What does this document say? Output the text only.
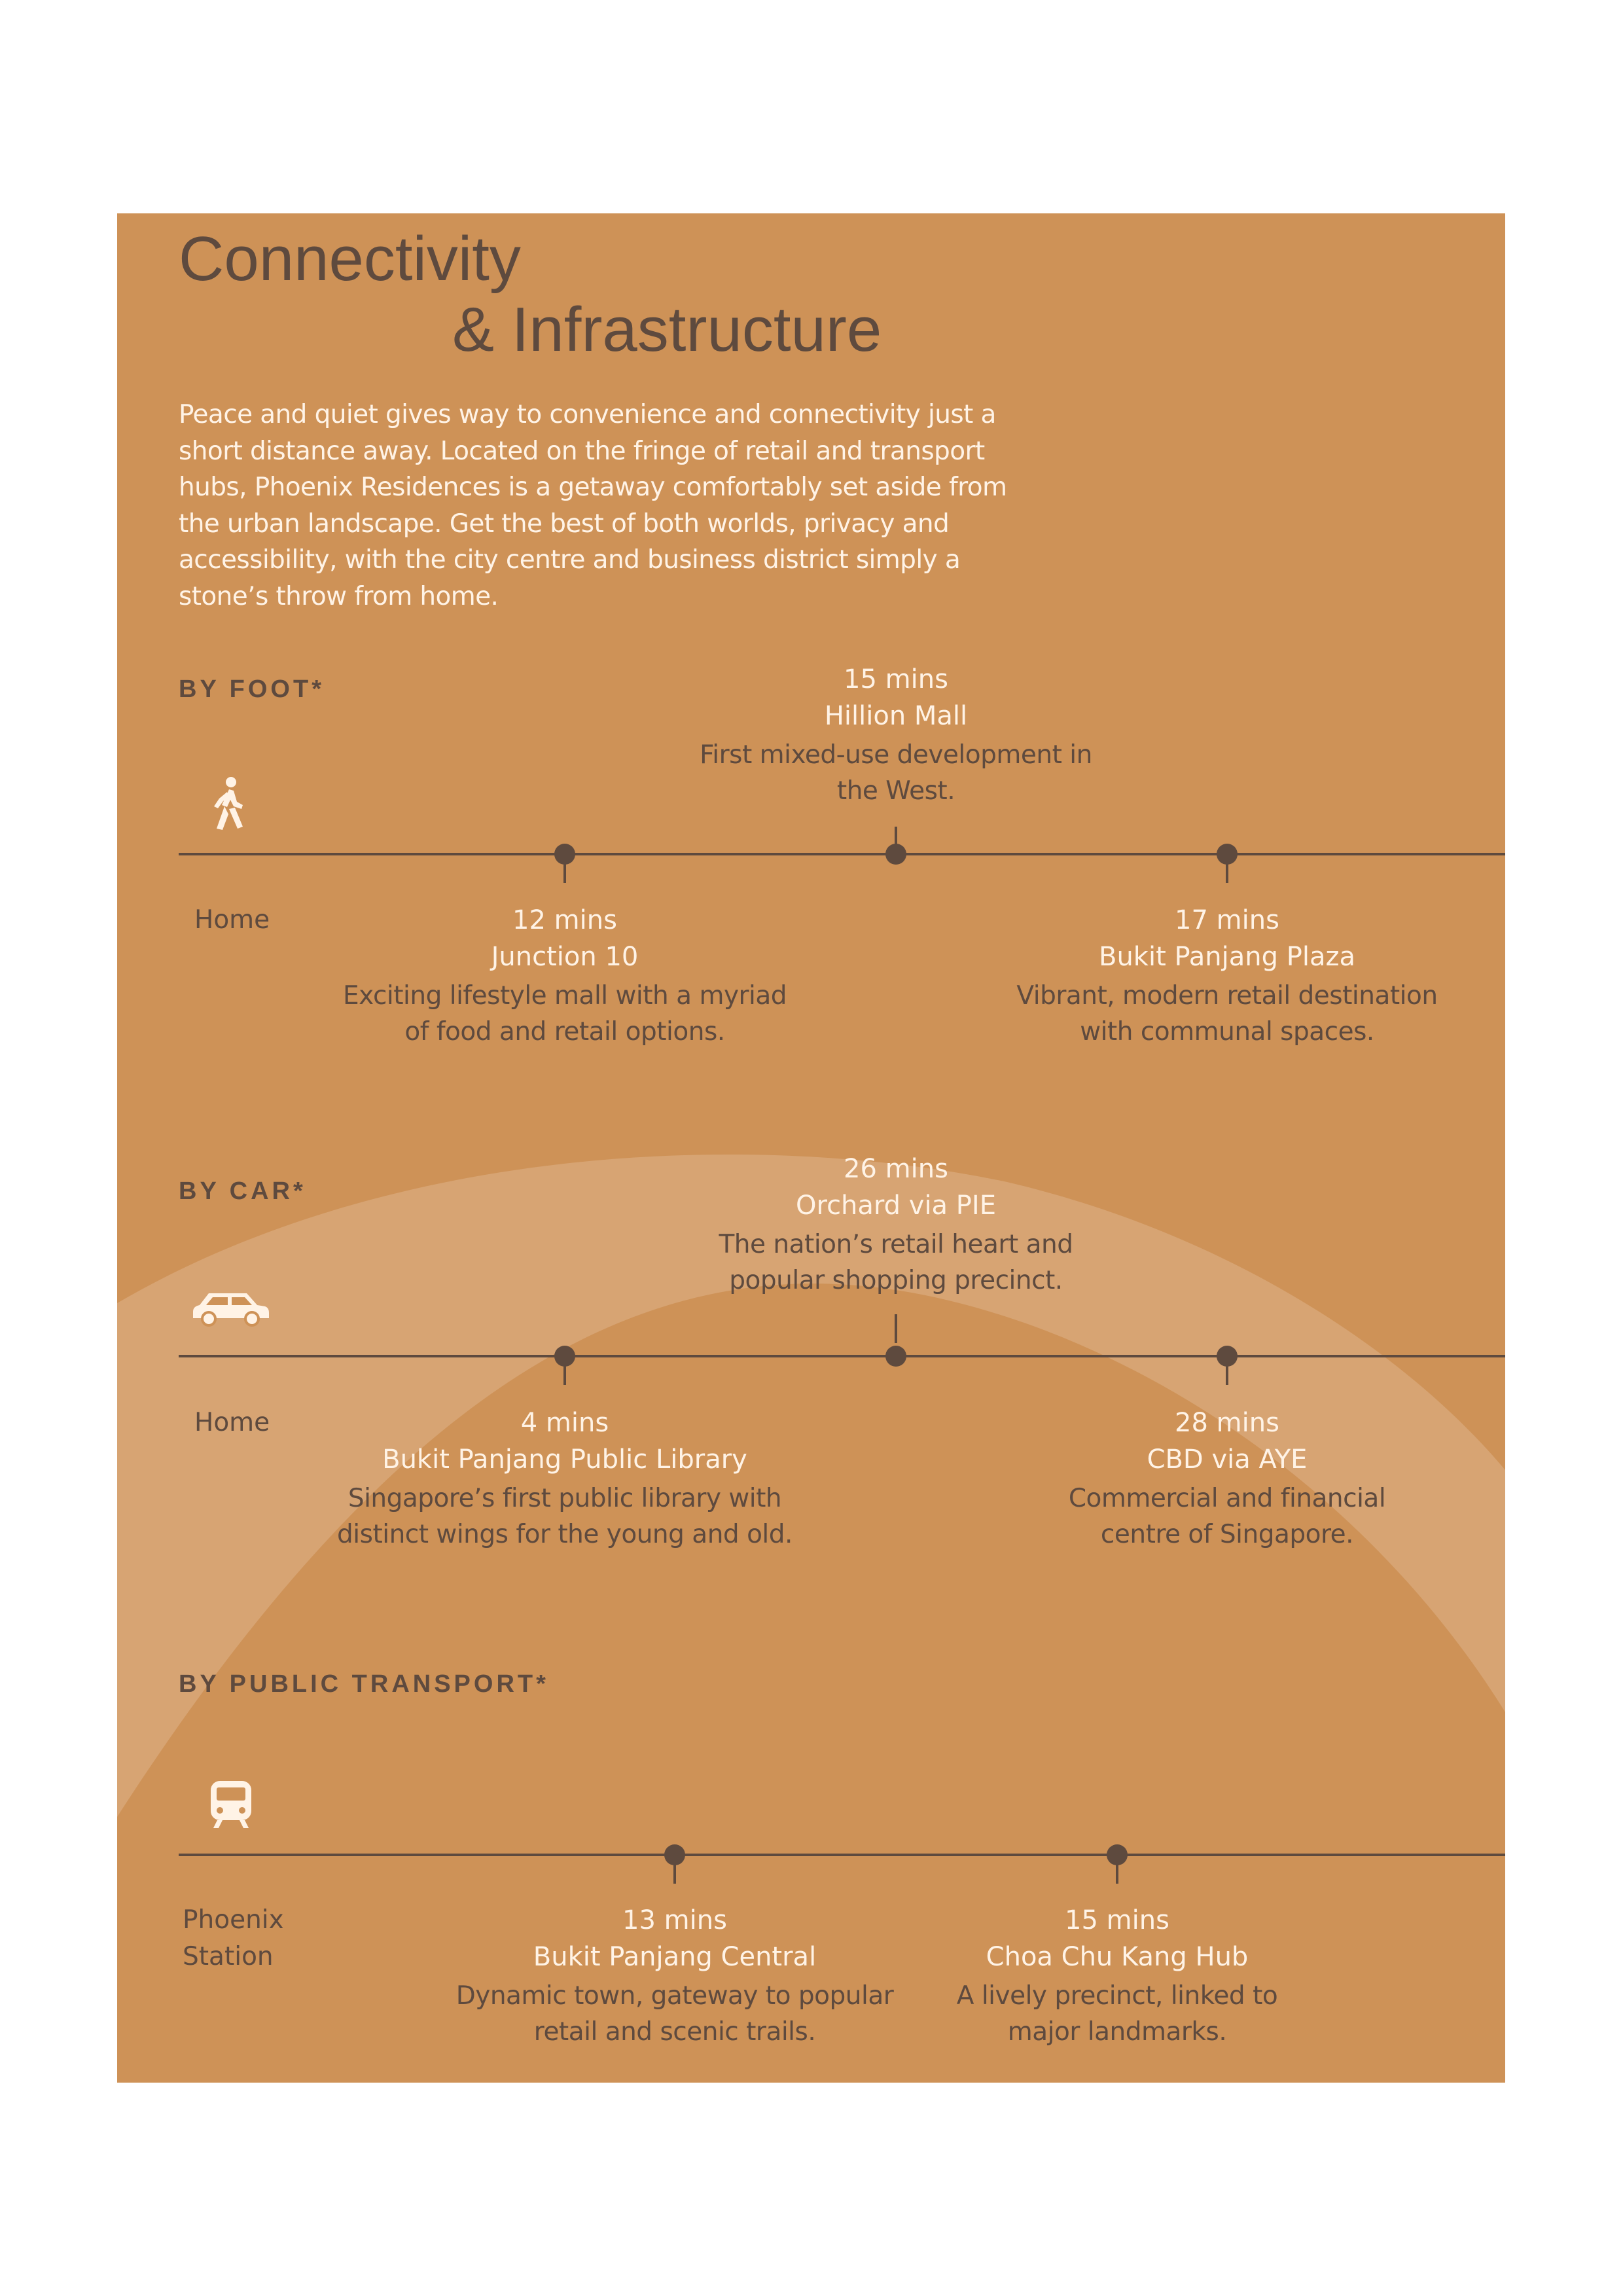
Connectivity
& Infrastructure

Peace and quiet gives way to convenience and connectivity just a short distance away. Located on the fringe of retail and transport hubs, Phoenix Residences is a getaway comfortably set aside from the urban landscape. Get the best of both worlds, privacy and accessibility, with the city centre and business district simply a stone’s throw from home.

BY FOOT*
Home	12 mins
Junction 10
Exciting lifestyle mall with a myriad of food and retail options.
15 mins
Hillion Mall
First mixed-use development in the West.
17 mins
Bukit Panjang Plaza
Vibrant, modern retail destination with communal spaces.
BY CAR*
Home	4 mins
Bukit Panjang Public Library
Singapore’s first public library with distinct wings for the young and old.
26 mins
Orchard via PIE
The nation’s retail heart and popular shopping precinct.
28 mins
CBD via AYE
Commercial and financial centre of Singapore.
BY PUBLIC TRANSPORT*
Phoenix Station
13 mins
Bukit Panjang Central
Dynamic town, gateway to popular retail and scenic trails.
15 mins
Choa Chu Kang Hub
A lively precinct, linked to major landmarks.
